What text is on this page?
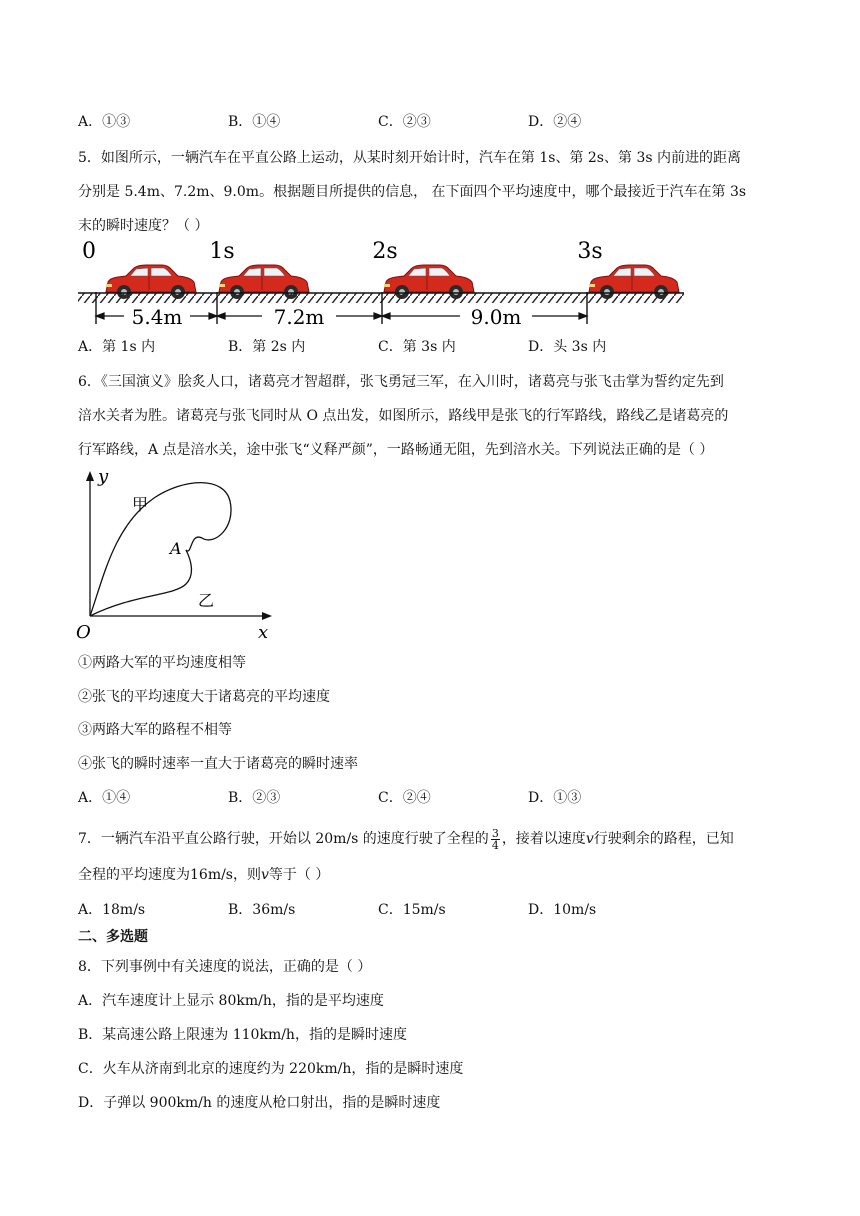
A．①③	B．①④	C．②③	D．②④
5．如图所示，一辆汽车在平直公路上运动，从某时刻开始计时，汽车在第 1s、第 2s、第 3s 内前进的距离
分别是 5.4m、7.2m、9.0m。根据题目所提供的信息， 在下面四个平均速度中，哪个最接近于汽车在第 3s
末的瞬时速度？（ ）
0	1s	2s	3s
5.4m	7.2m	9.0m
A．第 1s 内	B．第 2s 内	C．第 3s 内	D．头 3s 内
6．《三国演义》脍炙人口，诸葛亮才智超群，张飞勇冠三军，在入川时，诸葛亮与张飞击掌为誓约定先到
涪水关者为胜。诸葛亮与张飞同时从 O 点出发，如图所示，路线甲是张飞的行军路线，路线乙是诸葛亮的
行军路线，A 点是涪水关，途中张飞“义释严颜”，一路畅通无阻，先到涪水关。下列说法正确的是（ ）
y
x
O
甲
乙
A
①两路大军的平均速度相等
②张飞的平均速度大于诸葛亮的平均速度
③两路大军的路程不相等
④张飞的瞬时速率一直大于诸葛亮的瞬时速率
A．①④	B．②③	C．②④	D．①③
7．一辆汽车沿平直公路行驶，开始以 20m/s 的速度行驶了全程的 $\frac{3}{4}$ ，接着以速度v行驶剩余的路程，已知
全程的平均速度为16m/s，则v等于（ ）
A．18m/s	B．36m/s	C．15m/s	D．10m/s
二、多选题
8．下列事例中有关速度的说法，正确的是（ ）
A．汽车速度计上显示 80km/h，指的是平均速度
B．某高速公路上限速为 110km/h，指的是瞬时速度
C．火车从济南到北京的速度约为 220km/h，指的是瞬时速度
D．子弹以 900km/h 的速度从枪口射出，指的是瞬时速度
